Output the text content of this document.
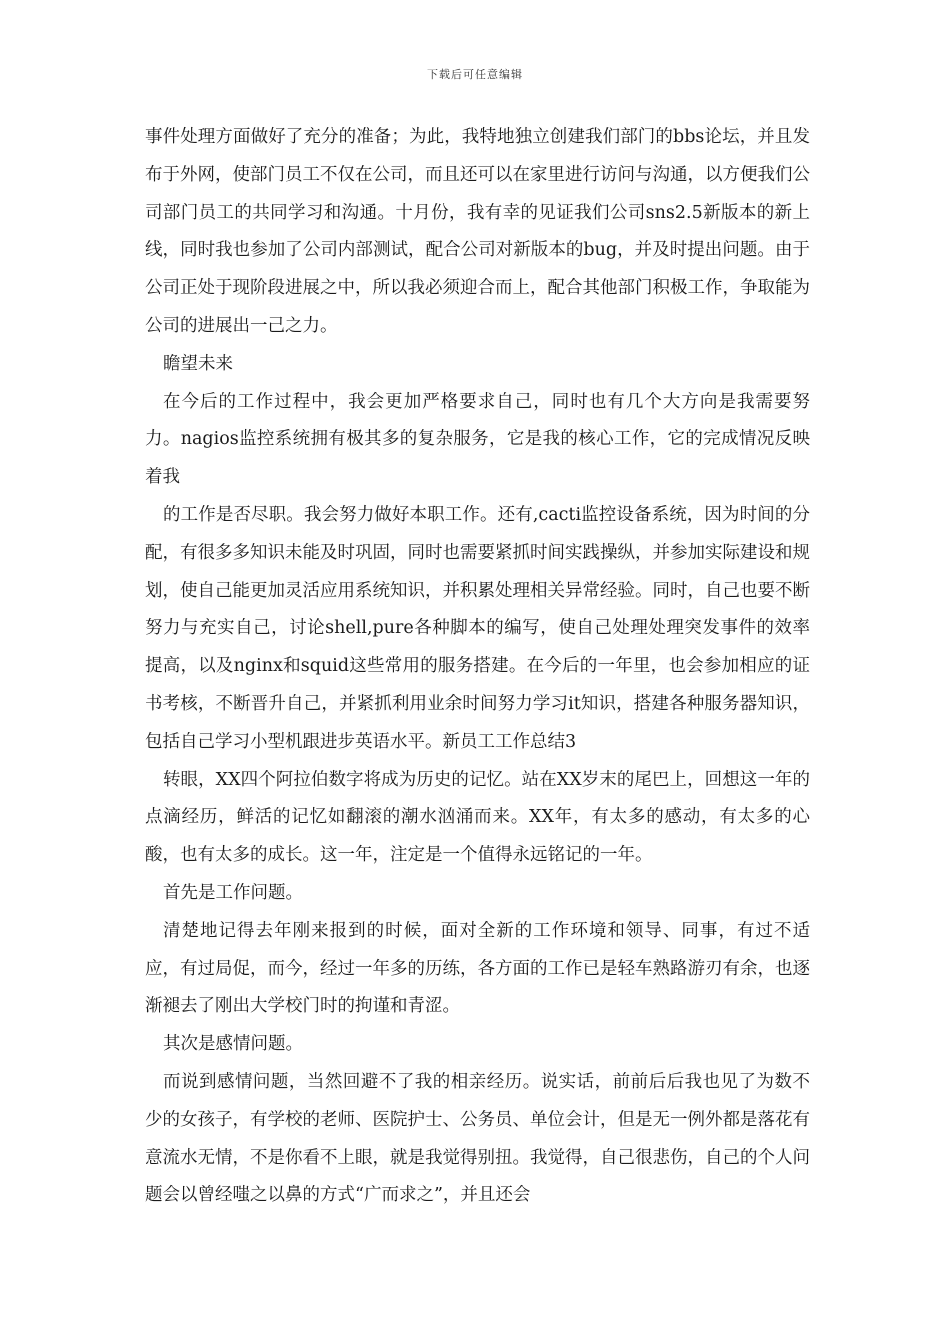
下载后可任意编辑

事件处理方面做好了充分的准备；为此，我特地独立创建我们部门的bbs论坛，并且发布于外网，使部门员工不仅在公司，而且还可以在家里进行访问与沟通，以方便我们公司部门员工的共同学习和沟通。十月份，我有幸的见证我们公司sns2.5新版本的新上线，同时我也参加了公司内部测试，配合公司对新版本的bug，并及时提出问题。由于公司正处于现阶段进展之中，所以我必须迎合而上，配合其他部门积极工作，争取能为公司的进展出一己之力。

瞻望未来

在今后的工作过程中，我会更加严格要求自己，同时也有几个大方向是我需要努力。nagios监控系统拥有极其多的复杂服务，它是我的核心工作，它的完成情况反映着我

的工作是否尽职。我会努力做好本职工作。还有,cacti监控设备系统，因为时间的分配，有很多多知识未能及时巩固，同时也需要紧抓时间实践操纵，并参加实际建设和规划，使自己能更加灵活应用系统知识，并积累处理相关异常经验。同时，自己也要不断努力与充实自己，讨论shell,pure各种脚本的编写，使自己处理处理突发事件的效率提高，以及nginx和squid这些常用的服务搭建。在今后的一年里，也会参加相应的证书考核，不断晋升自己，并紧抓利用业余时间努力学习it知识，搭建各种服务器知识，包括自己学习小型机跟进步英语水平。新员工工作总结3

转眼，XX四个阿拉伯数字将成为历史的记忆。站在XX岁末的尾巴上，回想这一年的点滴经历，鲜活的记忆如翻滚的潮水汹涌而来。XX年，有太多的感动，有太多的心酸，也有太多的成长。这一年，注定是一个值得永远铭记的一年。

首先是工作问题。

清楚地记得去年刚来报到的时候，面对全新的工作环境和领导、同事，有过不适应，有过局促，而今，经过一年多的历练，各方面的工作已是轻车熟路游刃有余，也逐渐褪去了刚出大学校门时的拘谨和青涩。

其次是感情问题。

而说到感情问题，当然回避不了我的相亲经历。说实话，前前后后我也见了为数不少的女孩子，有学校的老师、医院护士、公务员、单位会计，但是无一例外都是落花有意流水无情，不是你看不上眼，就是我觉得别扭。我觉得，自己很悲伤，自己的个人问题会以曾经嗤之以鼻的方式“广而求之”，并且还会
